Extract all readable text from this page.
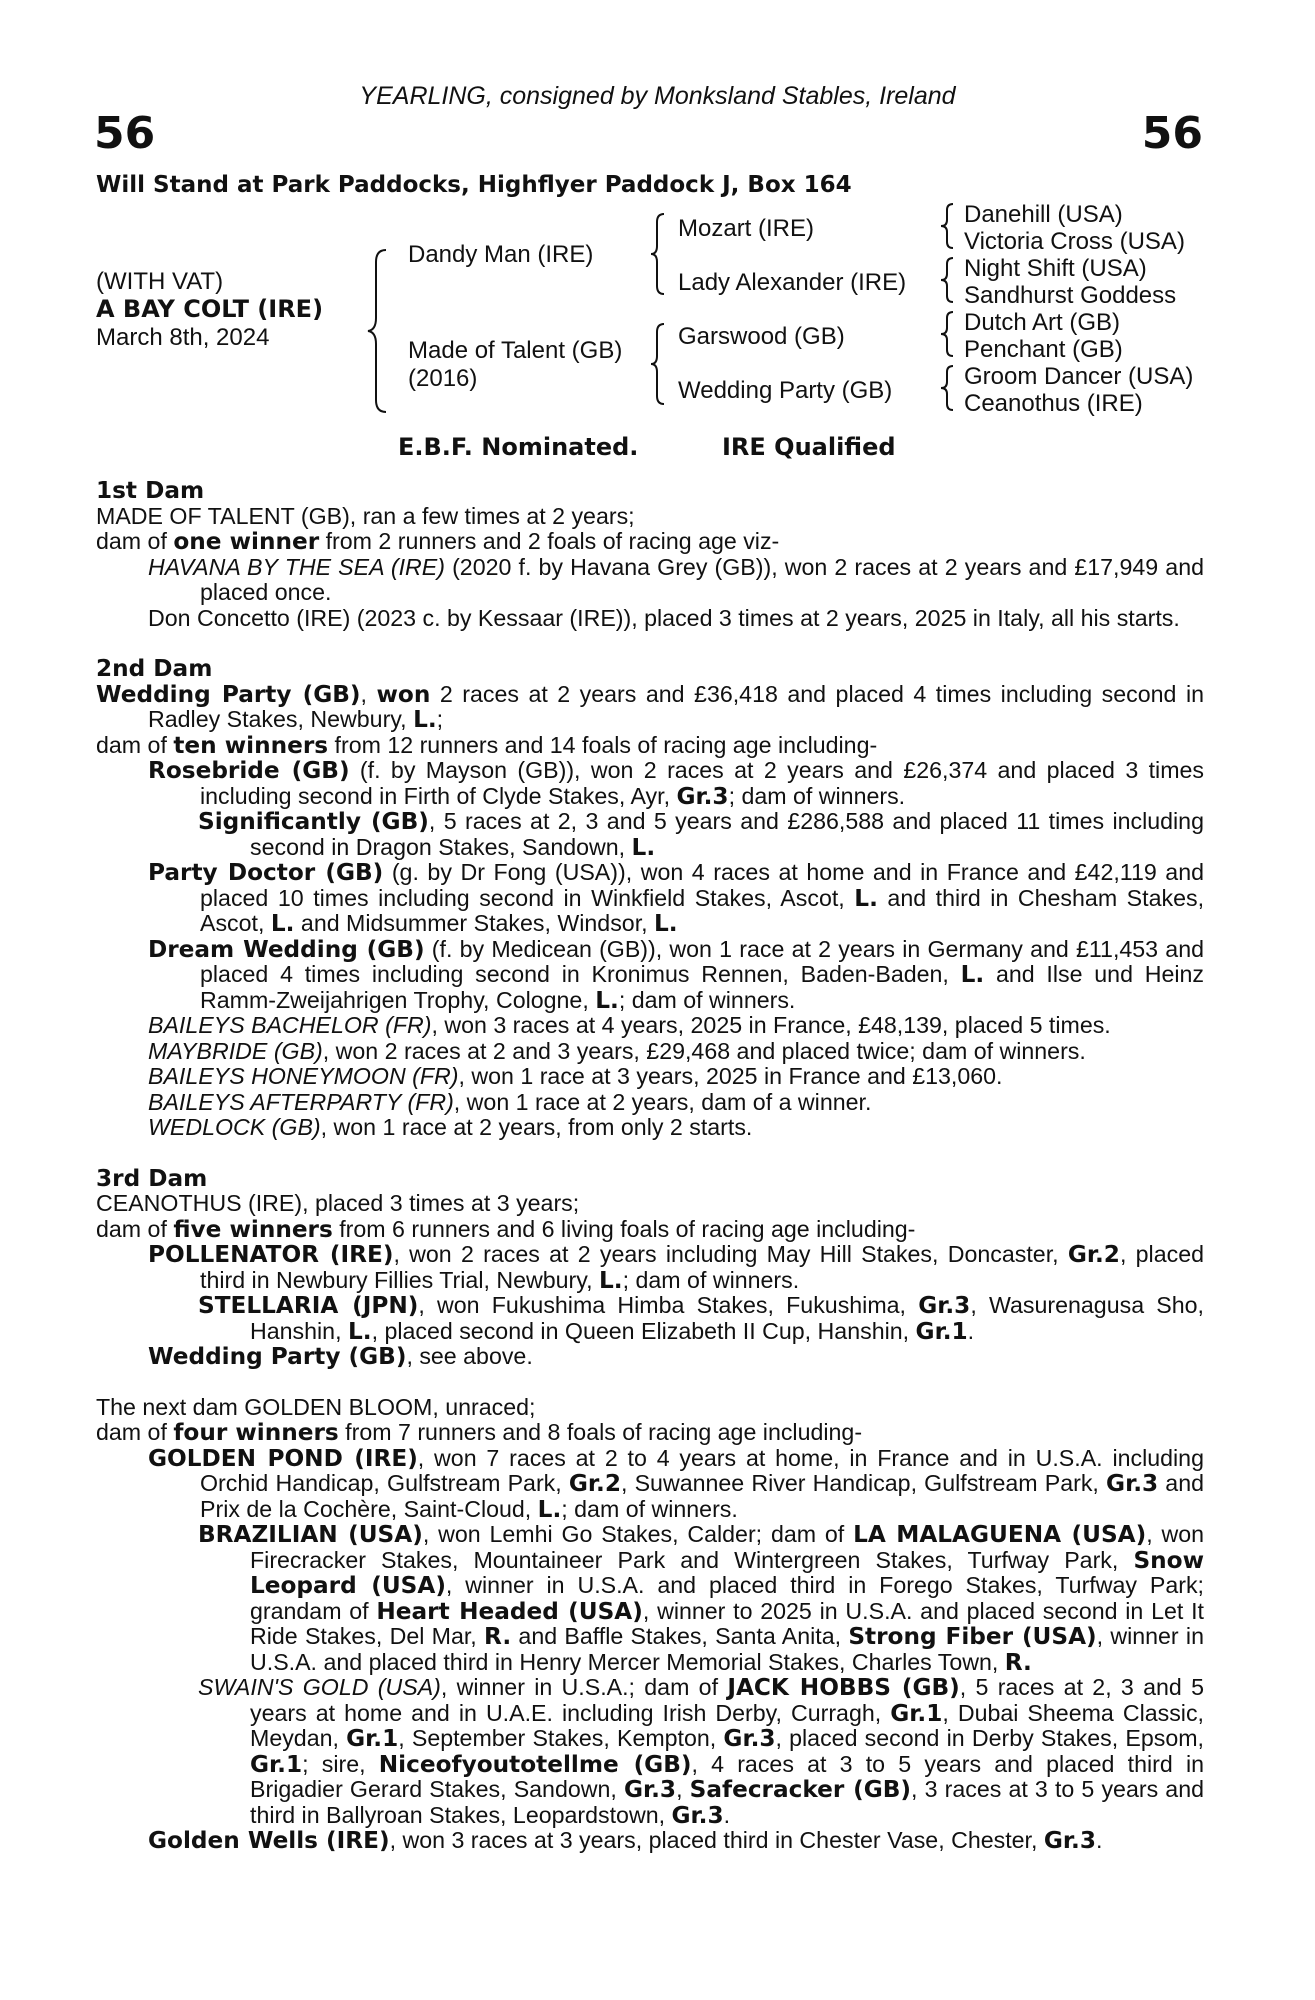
YEARLING, consigned by Monksland Stables, Ireland
56	56
Will Stand at Park Paddocks, Highflyer Paddock J, Box 164
(WITH VAT)
A BAY COLT (IRE)
March 8th, 2024
Dandy Man (IRE)
Made of Talent (GB)
(2016)
Mozart (IRE)
Lady Alexander (IRE)
Garswood (GB)
Wedding Party (GB)
Danehill (USA)
Victoria Cross (USA)
Night Shift (USA)
Sandhurst Goddess
Dutch Art (GB)
Penchant (GB)
Groom Dancer (USA)
Ceanothus (IRE)
E.B.F. Nominated.	IRE Qualified

1st Dam

MADE OF TALENT (GB), ran a few times at 2 years;

dam of one winner from 2 runners and 2 foals of racing age viz-

HAVANA BY THE SEA (IRE) (2020 f. by Havana Grey (GB)), won 2 races at 2 years and £17,949 and placed once.

Don Concetto (IRE) (2023 c. by Kessaar (IRE)), placed 3 times at 2 years, 2025 in Italy, all his starts.

2nd Dam

Wedding Party (GB), won 2 races at 2 years and £36,418 and placed 4 times including second in Radley Stakes, Newbury, L.;

dam of ten winners from 12 runners and 14 foals of racing age including-

Rosebride (GB) (f. by Mayson (GB)), won 2 races at 2 years and £26,374 and placed 3 times including second in Firth of Clyde Stakes, Ayr, Gr.3; dam of winners.

Significantly (GB), 5 races at 2, 3 and 5 years and £286,588 and placed 11 times including second in Dragon Stakes, Sandown, L.

Party Doctor (GB) (g. by Dr Fong (USA)), won 4 races at home and in France and £42,119 and placed 10 times including second in Winkfield Stakes, Ascot, L. and third in Chesham Stakes, Ascot, L. and Midsummer Stakes, Windsor, L.

Dream Wedding (GB) (f. by Medicean (GB)), won 1 race at 2 years in Germany and £11,453 and placed 4 times including second in Kronimus Rennen, Baden-Baden, L. and Ilse und Heinz Ramm-Zweijahrigen Trophy, Cologne, L.; dam of winners.

BAILEYS BACHELOR (FR), won 3 races at 4 years, 2025 in France, £48,139, placed 5 times.

MAYBRIDE (GB), won 2 races at 2 and 3 years, £29,468 and placed twice; dam of winners.

BAILEYS HONEYMOON (FR), won 1 race at 3 years, 2025 in France and £13,060.

BAILEYS AFTERPARTY (FR), won 1 race at 2 years, dam of a winner.

WEDLOCK (GB), won 1 race at 2 years, from only 2 starts.

3rd Dam

CEANOTHUS (IRE), placed 3 times at 3 years;

dam of five winners from 6 runners and 6 living foals of racing age including-

POLLENATOR (IRE), won 2 races at 2 years including May Hill Stakes, Doncaster, Gr.2, placed third in Newbury Fillies Trial, Newbury, L.; dam of winners.

STELLARIA (JPN), won Fukushima Himba Stakes, Fukushima, Gr.3, Wasurenagusa Sho, Hanshin, L., placed second in Queen Elizabeth II Cup, Hanshin, Gr.1.

Wedding Party (GB), see above.

The next dam GOLDEN BLOOM, unraced;

dam of four winners from 7 runners and 8 foals of racing age including-

GOLDEN POND (IRE), won 7 races at 2 to 4 years at home, in France and in U.S.A. including Orchid Handicap, Gulfstream Park, Gr.2, Suwannee River Handicap, Gulfstream Park, Gr.3 and Prix de la Cochère, Saint-Cloud, L.; dam of winners.

BRAZILIAN (USA), won Lemhi Go Stakes, Calder; dam of LA MALAGUENA (USA), won Firecracker Stakes, Mountaineer Park and Wintergreen Stakes, Turfway Park, Snow Leopard (USA), winner in U.S.A. and placed third in Forego Stakes, Turfway Park; grandam of Heart Headed (USA), winner to 2025 in U.S.A. and placed second in Let It Ride Stakes, Del Mar, R. and Baffle Stakes, Santa Anita, Strong Fiber (USA), winner in U.S.A. and placed third in Henry Mercer Memorial Stakes, Charles Town, R.

SWAIN'S GOLD (USA), winner in U.S.A.; dam of JACK HOBBS (GB), 5 races at 2, 3 and 5 years at home and in U.A.E. including Irish Derby, Curragh, Gr.1, Dubai Sheema Classic, Meydan, Gr.1, September Stakes, Kempton, Gr.3, placed second in Derby Stakes, Epsom, Gr.1; sire, Niceofyoutotellme (GB), 4 races at 3 to 5 years and placed third in Brigadier Gerard Stakes, Sandown, Gr.3, Safecracker (GB), 3 races at 3 to 5 years and third in Ballyroan Stakes, Leopardstown, Gr.3.

Golden Wells (IRE), won 3 races at 3 years, placed third in Chester Vase, Chester, Gr.3.
